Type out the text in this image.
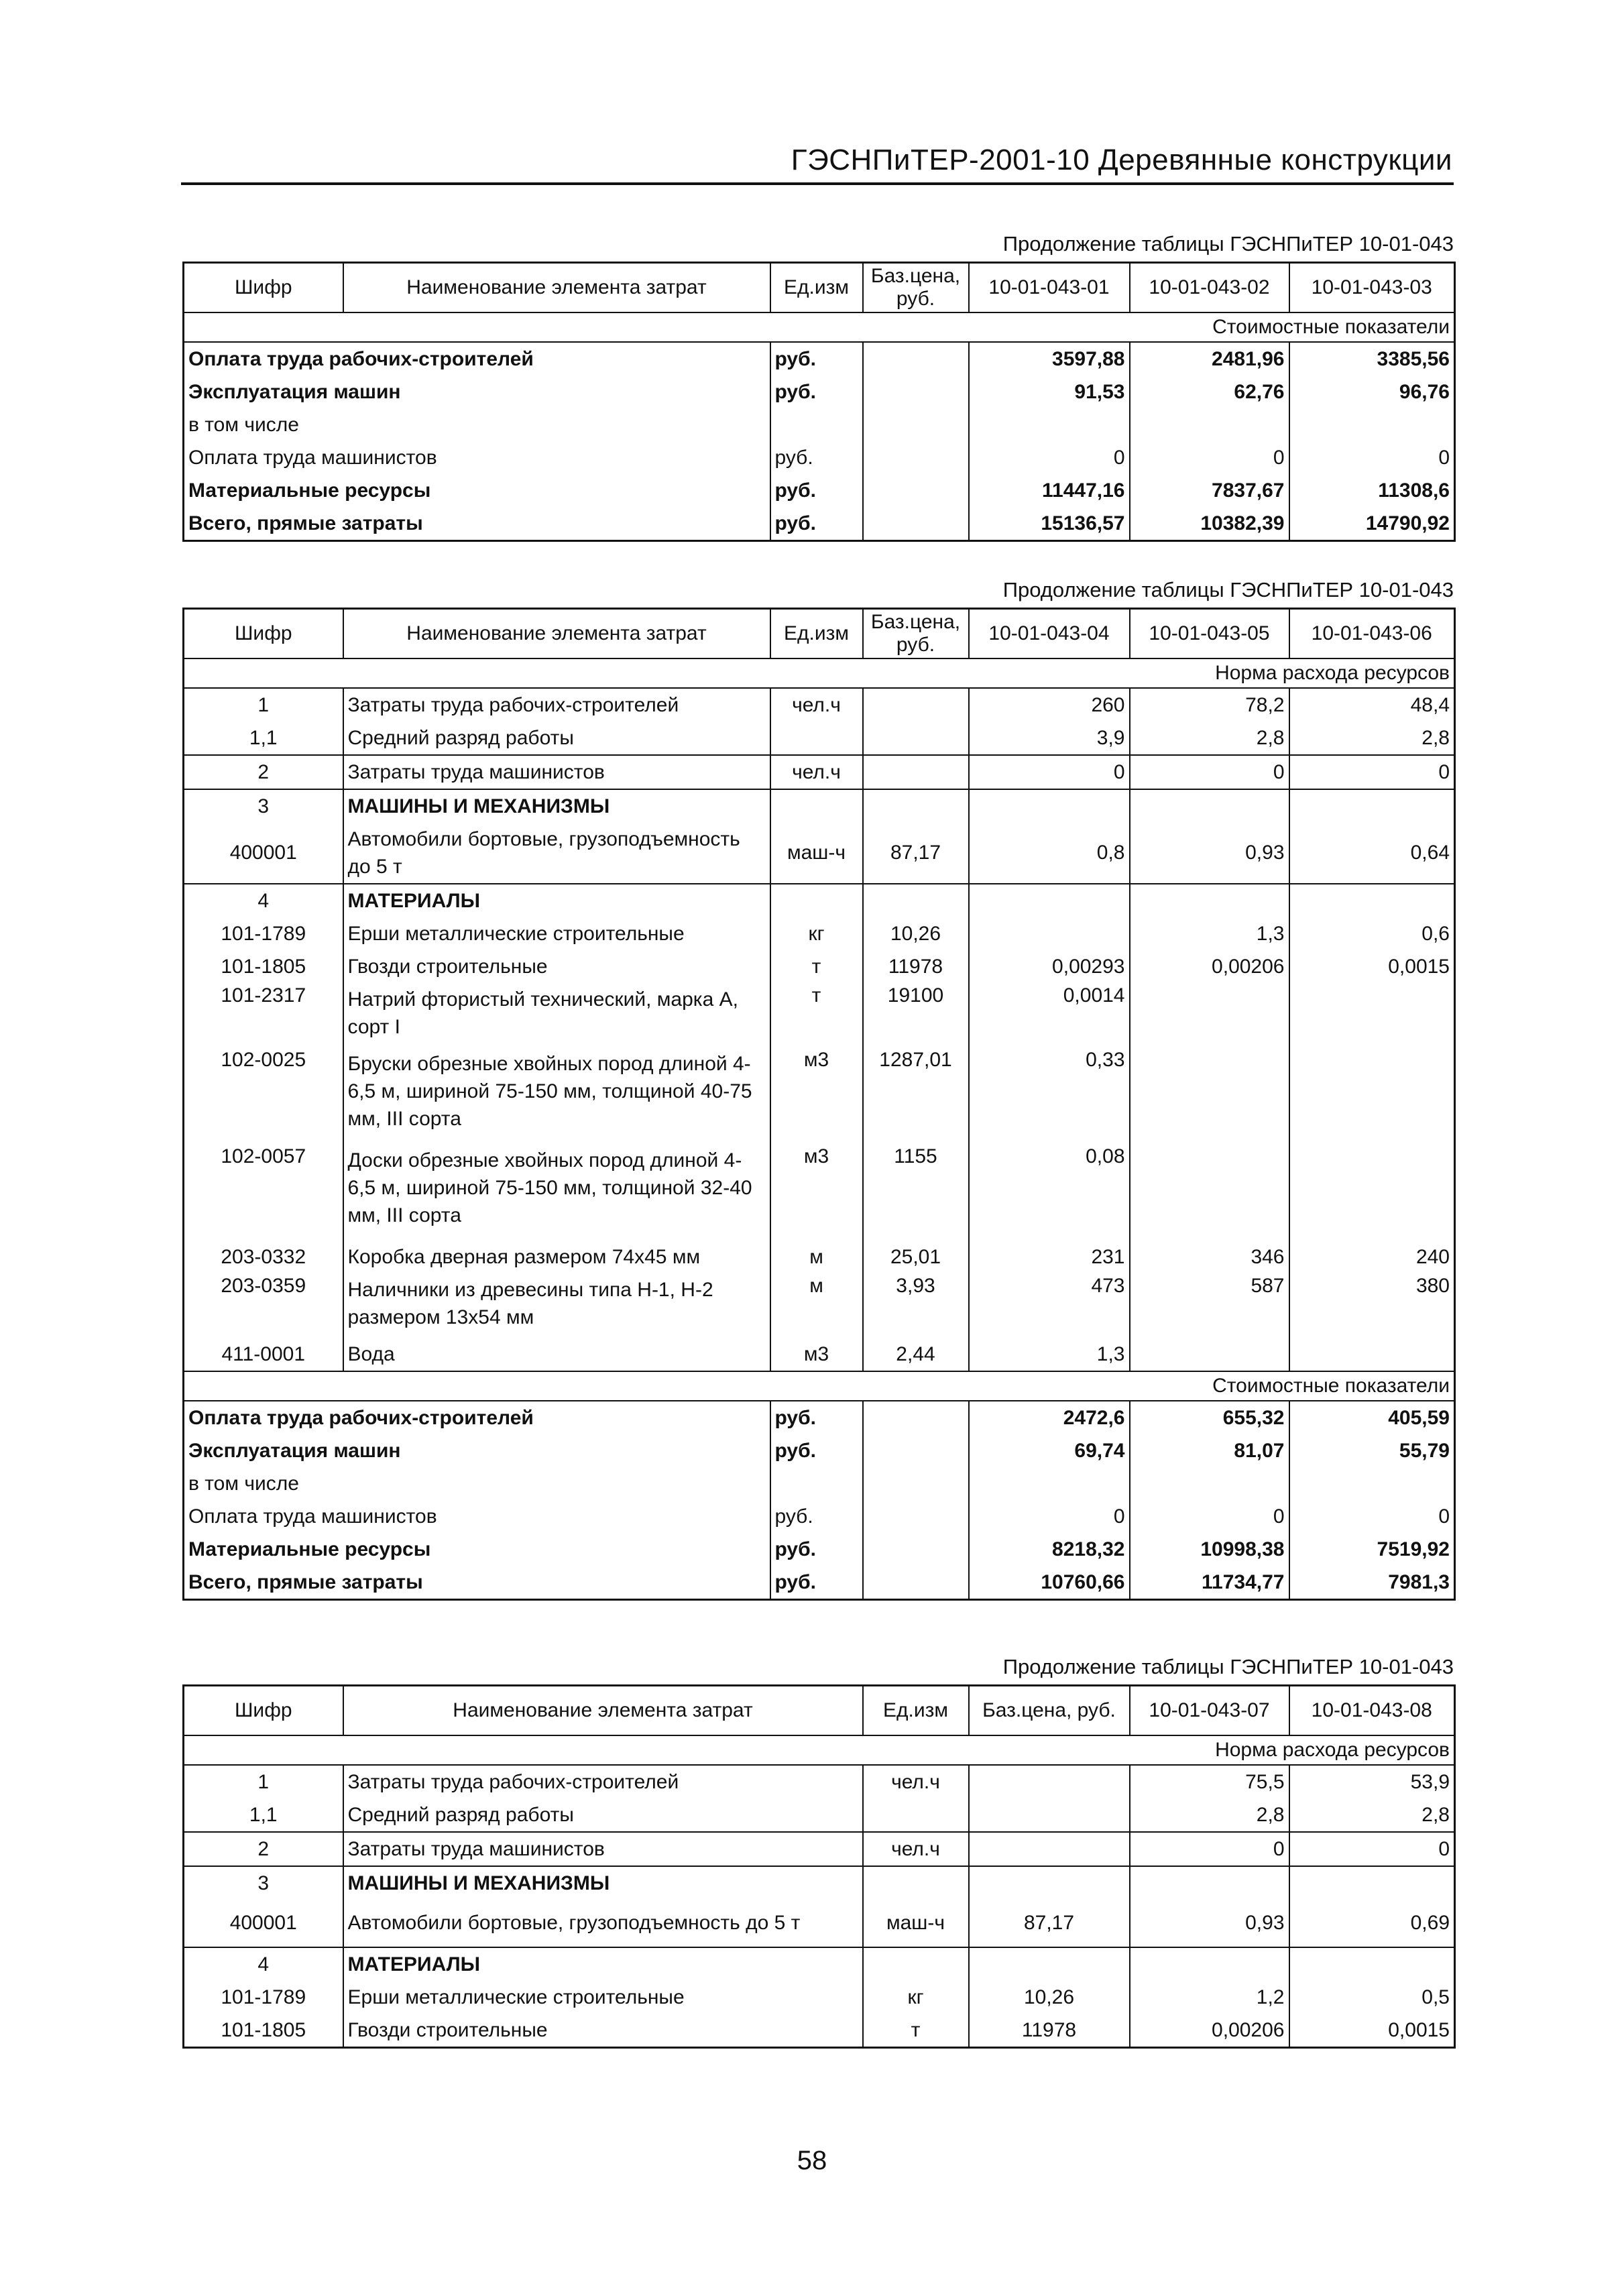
ГЭСНПиТЕР-2001-10 Деревянные конструкции
Продолжение таблицы ГЭСНПиТЕР 10-01-043
Шифр	Наименование элемента затрат	Ед.изм	Баз.цена, руб.	10-01-043-01	10-01-043-02	10-01-043-03
Стоимостные показатели						
Оплата труда рабочих-строителей		руб.		3597,88	2481,96	3385,56
Эксплуатация машин		руб.		91,53	62,76	96,76
в том числе						
Оплата труда машинистов		руб.		0	0	0
Материальные ресурсы		руб.		11447,16	7837,67	11308,6
Всего, прямые затраты		руб.		15136,57	10382,39	14790,92
Продолжение таблицы ГЭСНПиТЕР 10-01-043
Шифр	Наименование элемента затрат	Ед.изм	Баз.цена, руб.	10-01-043-04	10-01-043-05	10-01-043-06
Норма расхода ресурсов						
1	Затраты труда рабочих-строителей	чел.ч		260	78,2	48,4
1,1	Средний разряд работы			3,9	2,8	2,8
2	Затраты труда машинистов	чел.ч		0	0	0
3	МАШИНЫ И МЕХАНИЗМЫ					
400001	Автомобили бортовые, грузоподъемность до 5 т	маш-ч	87,17	0,8	0,93	0,64
4	МАТЕРИАЛЫ					
101-1789	Ерши металлические строительные	кг	10,26		1,3	0,6
101-1805	Гвозди строительные	т	11978	0,00293	0,00206	0,0015
101-2317	Натрий фтористый технический, марка А, сорт I	т	19100	0,0014		
102-0025	Бруски обрезные хвойных пород длиной 4-6,5 м, шириной 75-150 мм, толщиной 40-75 мм, III сорта	м3	1287,01	0,33		
102-0057	Доски обрезные хвойных пород длиной 4-6,5 м, шириной 75-150 мм, толщиной 32-40 мм, III сорта	м3	1155	0,08		
203-0332	Коробка дверная размером 74х45 мм	м	25,01	231	346	240
203-0359	Наличники из древесины типа Н-1, Н-2 размером 13х54 мм	м	3,93	473	587	380
411-0001	Вода	м3	2,44	1,3		
Стоимостные показатели						
Оплата труда рабочих-строителей		руб.		2472,6	655,32	405,59
Эксплуатация машин		руб.		69,74	81,07	55,79
в том числе						
Оплата труда машинистов		руб.		0	0	0
Материальные ресурсы		руб.		8218,32	10998,38	7519,92
Всего, прямые затраты		руб.		10760,66	11734,77	7981,3
Продолжение таблицы ГЭСНПиТЕР 10-01-043
Шифр	Наименование элемента затрат	Ед.изм	Баз.цена, руб.	10-01-043-07	10-01-043-08
Норма расхода ресурсов					
1	Затраты труда рабочих-строителей	чел.ч		75,5	53,9
1,1	Средний разряд работы			2,8	2,8
2	Затраты труда машинистов	чел.ч		0	0
3	МАШИНЫ И МЕХАНИЗМЫ				
400001	Автомобили бортовые, грузоподъемность до 5 т	маш-ч	87,17	0,93	0,69
4	МАТЕРИАЛЫ				
101-1789	Ерши металлические строительные	кг	10,26	1,2	0,5
101-1805	Гвозди строительные	т	11978	0,00206	0,0015
58
